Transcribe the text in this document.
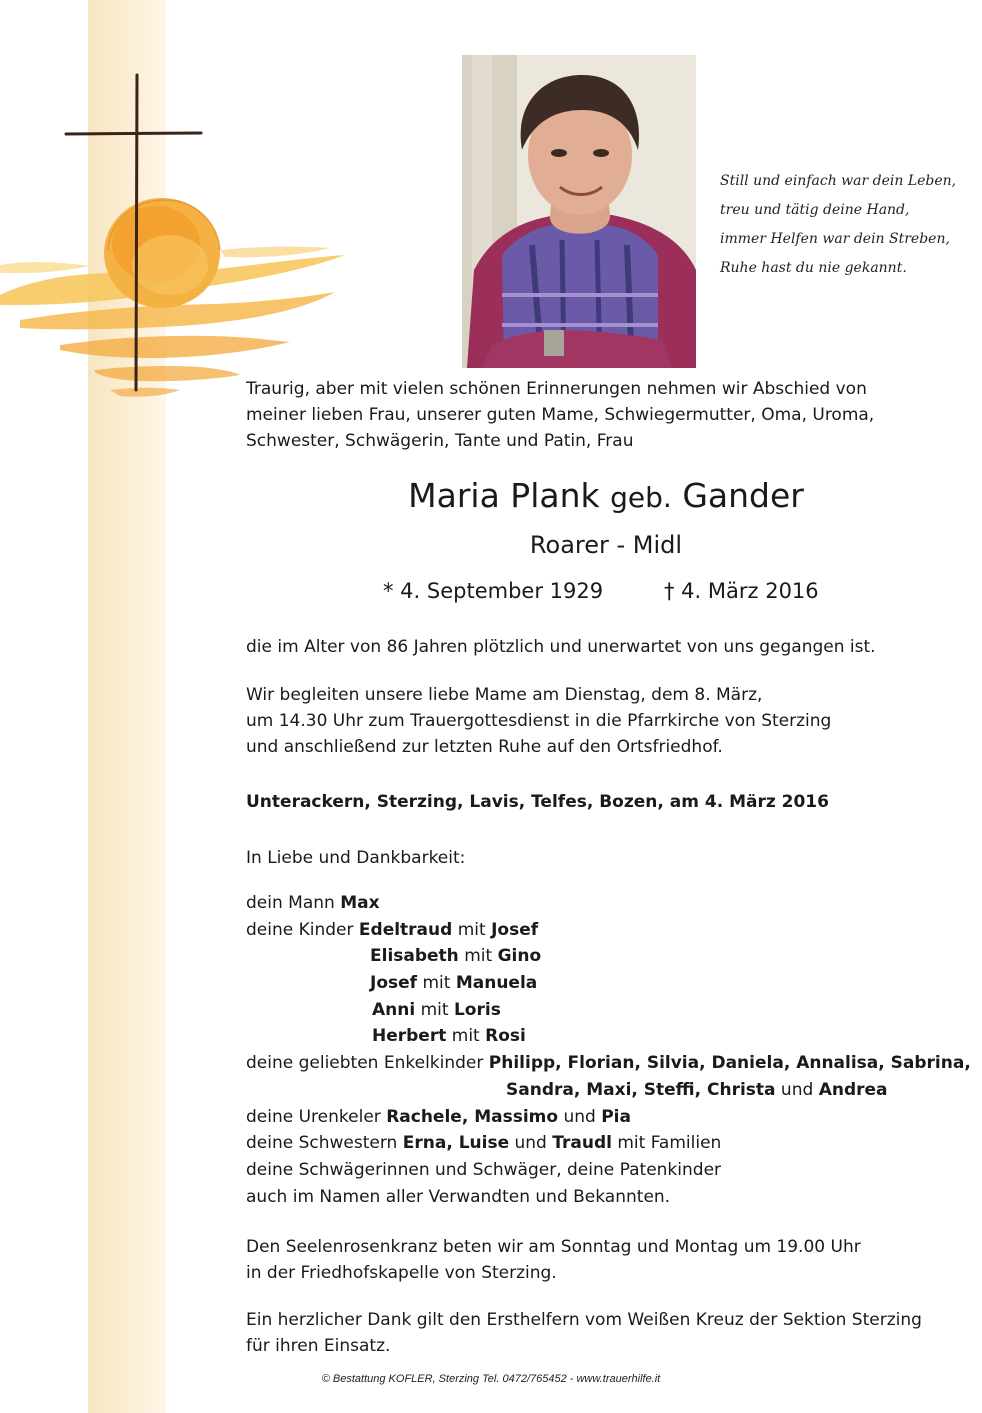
Still und einfach war dein Leben,
treu und tätig deine Hand,
immer Helfen war dein Streben,
Ruhe hast du nie gekannt.
Traurig, aber mit vielen schönen Erinnerungen nehmen wir Abschied von
meiner lieben Frau, unserer guten Mame, Schwiegermutter, Oma, Uroma,
Schwester, Schwägerin, Tante und Patin, Frau
Maria Plank geb. Gander
Roarer - Midl
* 4. September 1929	† 4. März 2016
die im Alter von 86 Jahren plötzlich und unerwartet von uns gegangen ist.
Wir begleiten unsere liebe Mame am Dienstag, dem 8. März,
um 14.30 Uhr zum Trauergottesdienst in die Pfarrkirche von Sterzing
und anschließend zur letzten Ruhe auf den Ortsfriedhof.
Unterackern, Sterzing, Lavis, Telfes, Bozen, am 4. März 2016
In Liebe und Dankbarkeit:
dein Mann Max
deine Kinder Edeltraud mit Josef
Elisabeth mit Gino
Josef mit Manuela
Anni mit Loris
Herbert mit Rosi
deine geliebten Enkelkinder Philipp, Florian, Silvia, Daniela, Annalisa, Sabrina,
Sandra, Maxi, Steffi, Christa und Andrea
deine Urenkeler Rachele, Massimo und Pia
deine Schwestern Erna, Luise und Traudl mit Familien
deine Schwägerinnen und Schwäger, deine Patenkinder
auch im Namen aller Verwandten und Bekannten.
Den Seelenrosenkranz beten wir am Sonntag und Montag um 19.00 Uhr
in der Friedhofskapelle von Sterzing.
Ein herzlicher Dank gilt den Ersthelfern vom Weißen Kreuz der Sektion Sterzing
für ihren Einsatz.
© Bestattung KOFLER, Sterzing Tel. 0472/765452 - www.trauerhilfe.it
